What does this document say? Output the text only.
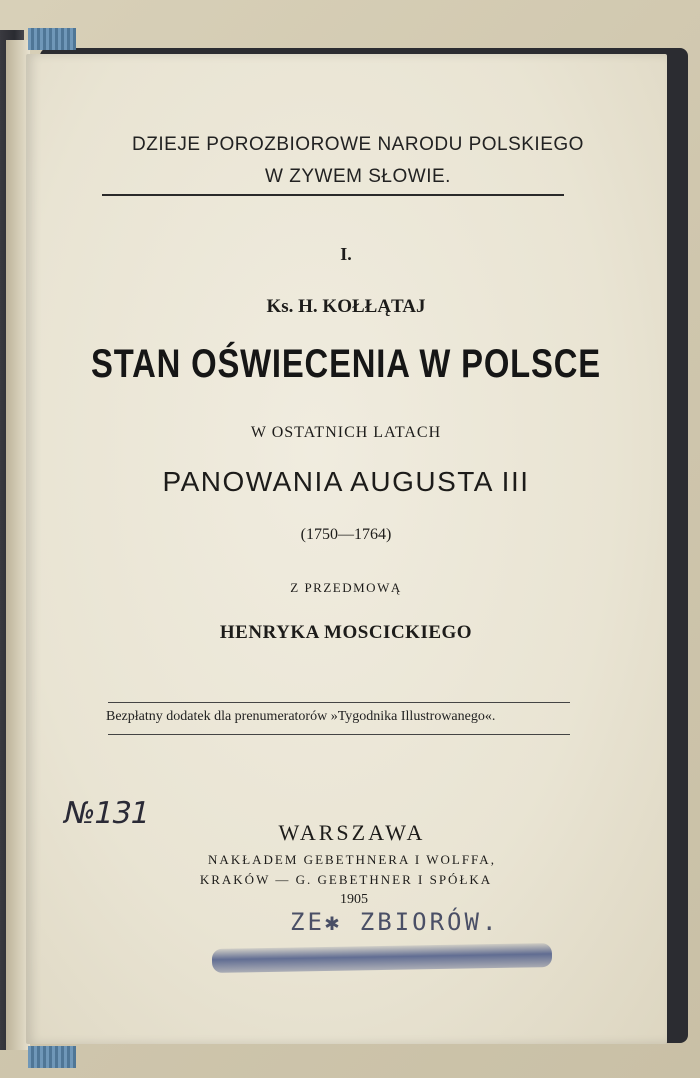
DZIEJE POROZBIOROWE NARODU POLSKIEGO
W ZYWEM SŁOWIE.
I.
Ks. H. KOŁŁĄTAJ
STAN OŚWIECENIA W POLSCE
W OSTATNICH LATACH
PANOWANIA AUGUSTA III
(1750—1764)
Z PRZEDMOWĄ
HENRYKA MOSCICKIEGO
Bezpłatny dodatek dla prenumeratorów »Tygodnika Illustrowanego«.
WARSZAWA
NAKŁADEM GEBETHNERA I WOLFFA,
KRAKÓW — G. GEBETHNER I SPÓŁKA
1905
№131
ZE✱ ZBIORÓW.
